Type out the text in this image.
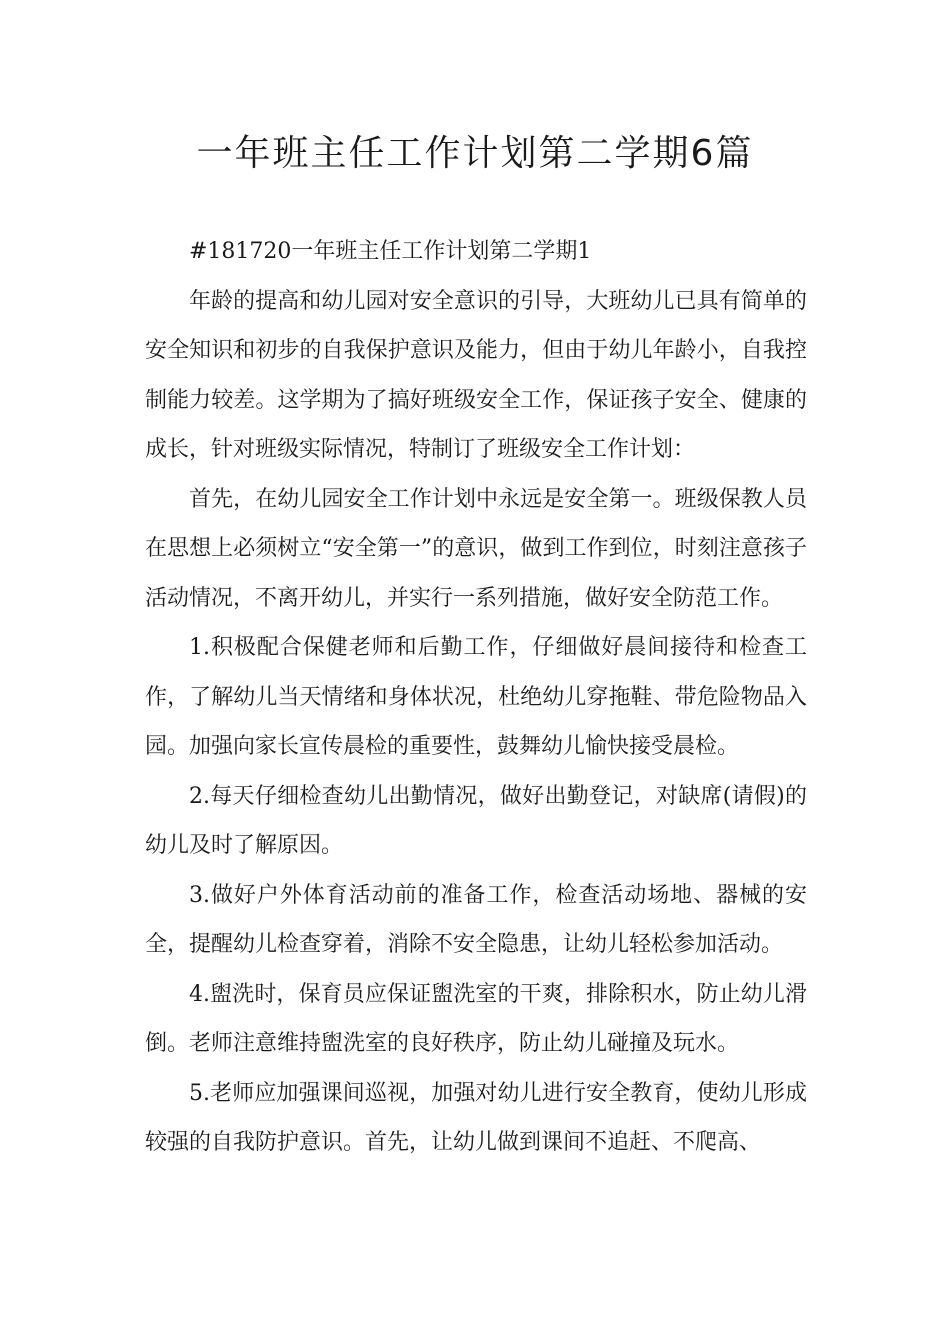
一年班主任工作计划第二学期6篇

#181720一年班主任工作计划第二学期1

年龄的提高和幼儿园对安全意识的引导，大班幼儿已具有简单的安全知识和初步的自我保护意识及能力，但由于幼儿年龄小，自我控制能力较差。这学期为了搞好班级安全工作，保证孩子安全、健康的成长，针对班级实际情况，特制订了班级安全工作计划：

首先，在幼儿园安全工作计划中永远是安全第一。班级保教人员在思想上必须树立“安全第一”的意识，做到工作到位，时刻注意孩子活动情况，不离开幼儿，并实行一系列措施，做好安全防范工作。

1.积极配合保健老师和后勤工作，仔细做好晨间接待和检查工作，了解幼儿当天情绪和身体状况，杜绝幼儿穿拖鞋、带危险物品入园。加强向家长宣传晨检的重要性，鼓舞幼儿愉快接受晨检。

2.每天仔细检查幼儿出勤情况，做好出勤登记，对缺席(请假)的幼儿及时了解原因。

3.做好户外体育活动前的准备工作，检查活动场地、器械的安全，提醒幼儿检查穿着，消除不安全隐患，让幼儿轻松参加活动。

4.盥洗时，保育员应保证盥洗室的干爽，排除积水，防止幼儿滑倒。老师注意维持盥洗室的良好秩序，防止幼儿碰撞及玩水。

5.老师应加强课间巡视，加强对幼儿进行安全教育，使幼儿形成较强的自我防护意识。首先，让幼儿做到课间不追赶、不爬高、
